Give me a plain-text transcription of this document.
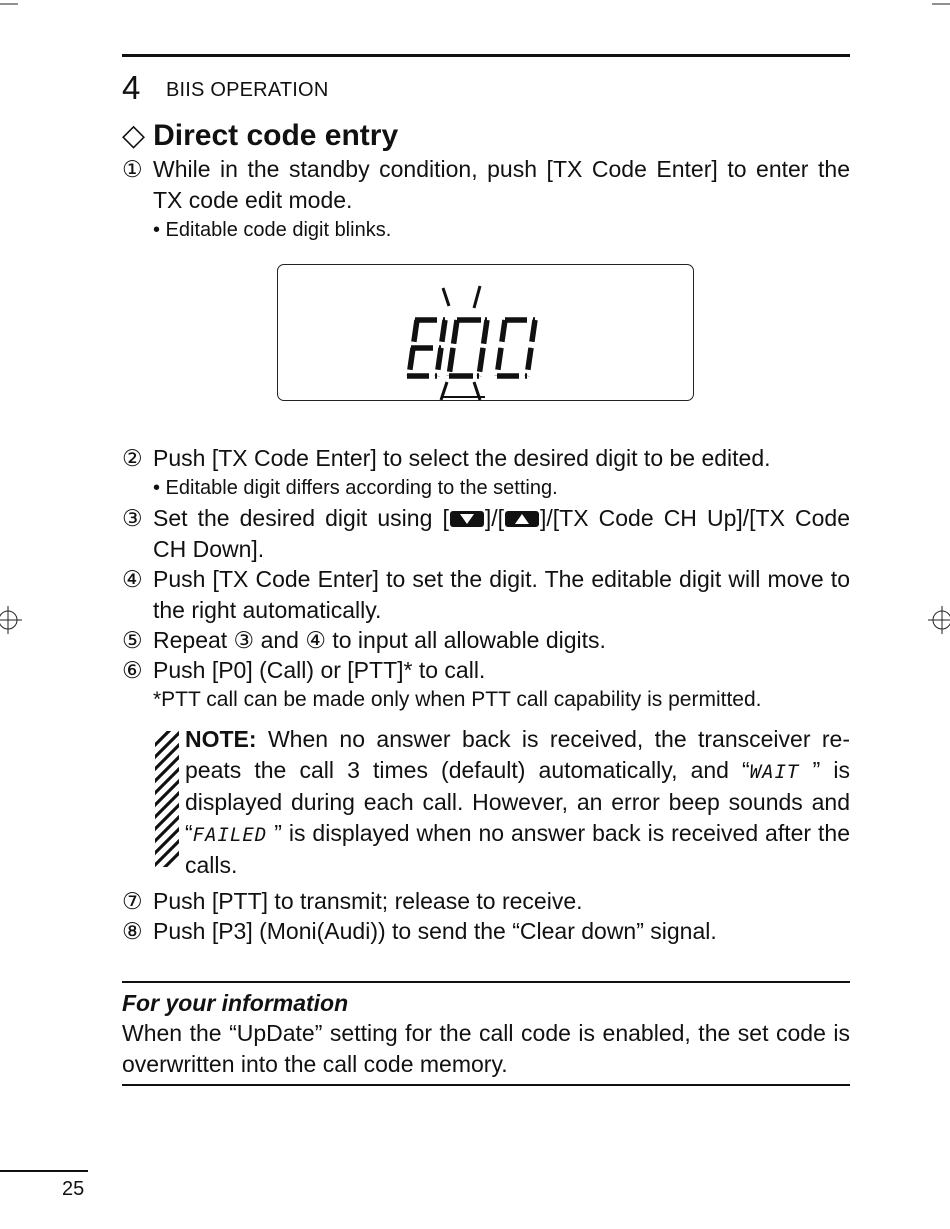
4 BIIS OPERATION
◇ Direct code entry
① While in the standby condition, push [TX Code Enter] to enter the TX code edit mode.
• Editable code digit blinks.
② Push [TX Code Enter] to select the desired digit to be edited.
• Editable digit differs according to the setting.
③ Set the desired digit using [ ]/[ ]/[TX Code CH Up]/[TX Code CH Down].
④ Push [TX Code Enter] to set the digit. The editable digit will move to the right automatically.
⑤ Repeat ③ and ④ to input all allowable digits.
⑥ Push [P0] (Call) or [PTT]* to call.
*PTT call can be made only when PTT call capability is permitted.
NOTE: When no answer back is received, the transceiver re-peats the call 3 times (default) automatically, and “WAIT ” is displayed during each call. However, an error beep sounds and “FAILED ” is displayed when no answer back is received after the calls.
⑦ Push [PTT] to transmit; release to receive.
⑧ Push [P3] (Moni(Audi)) to send the “Clear down” signal.
For your information
When the “UpDate” setting for the call code is enabled, the set code is overwritten into the call code memory.
25
